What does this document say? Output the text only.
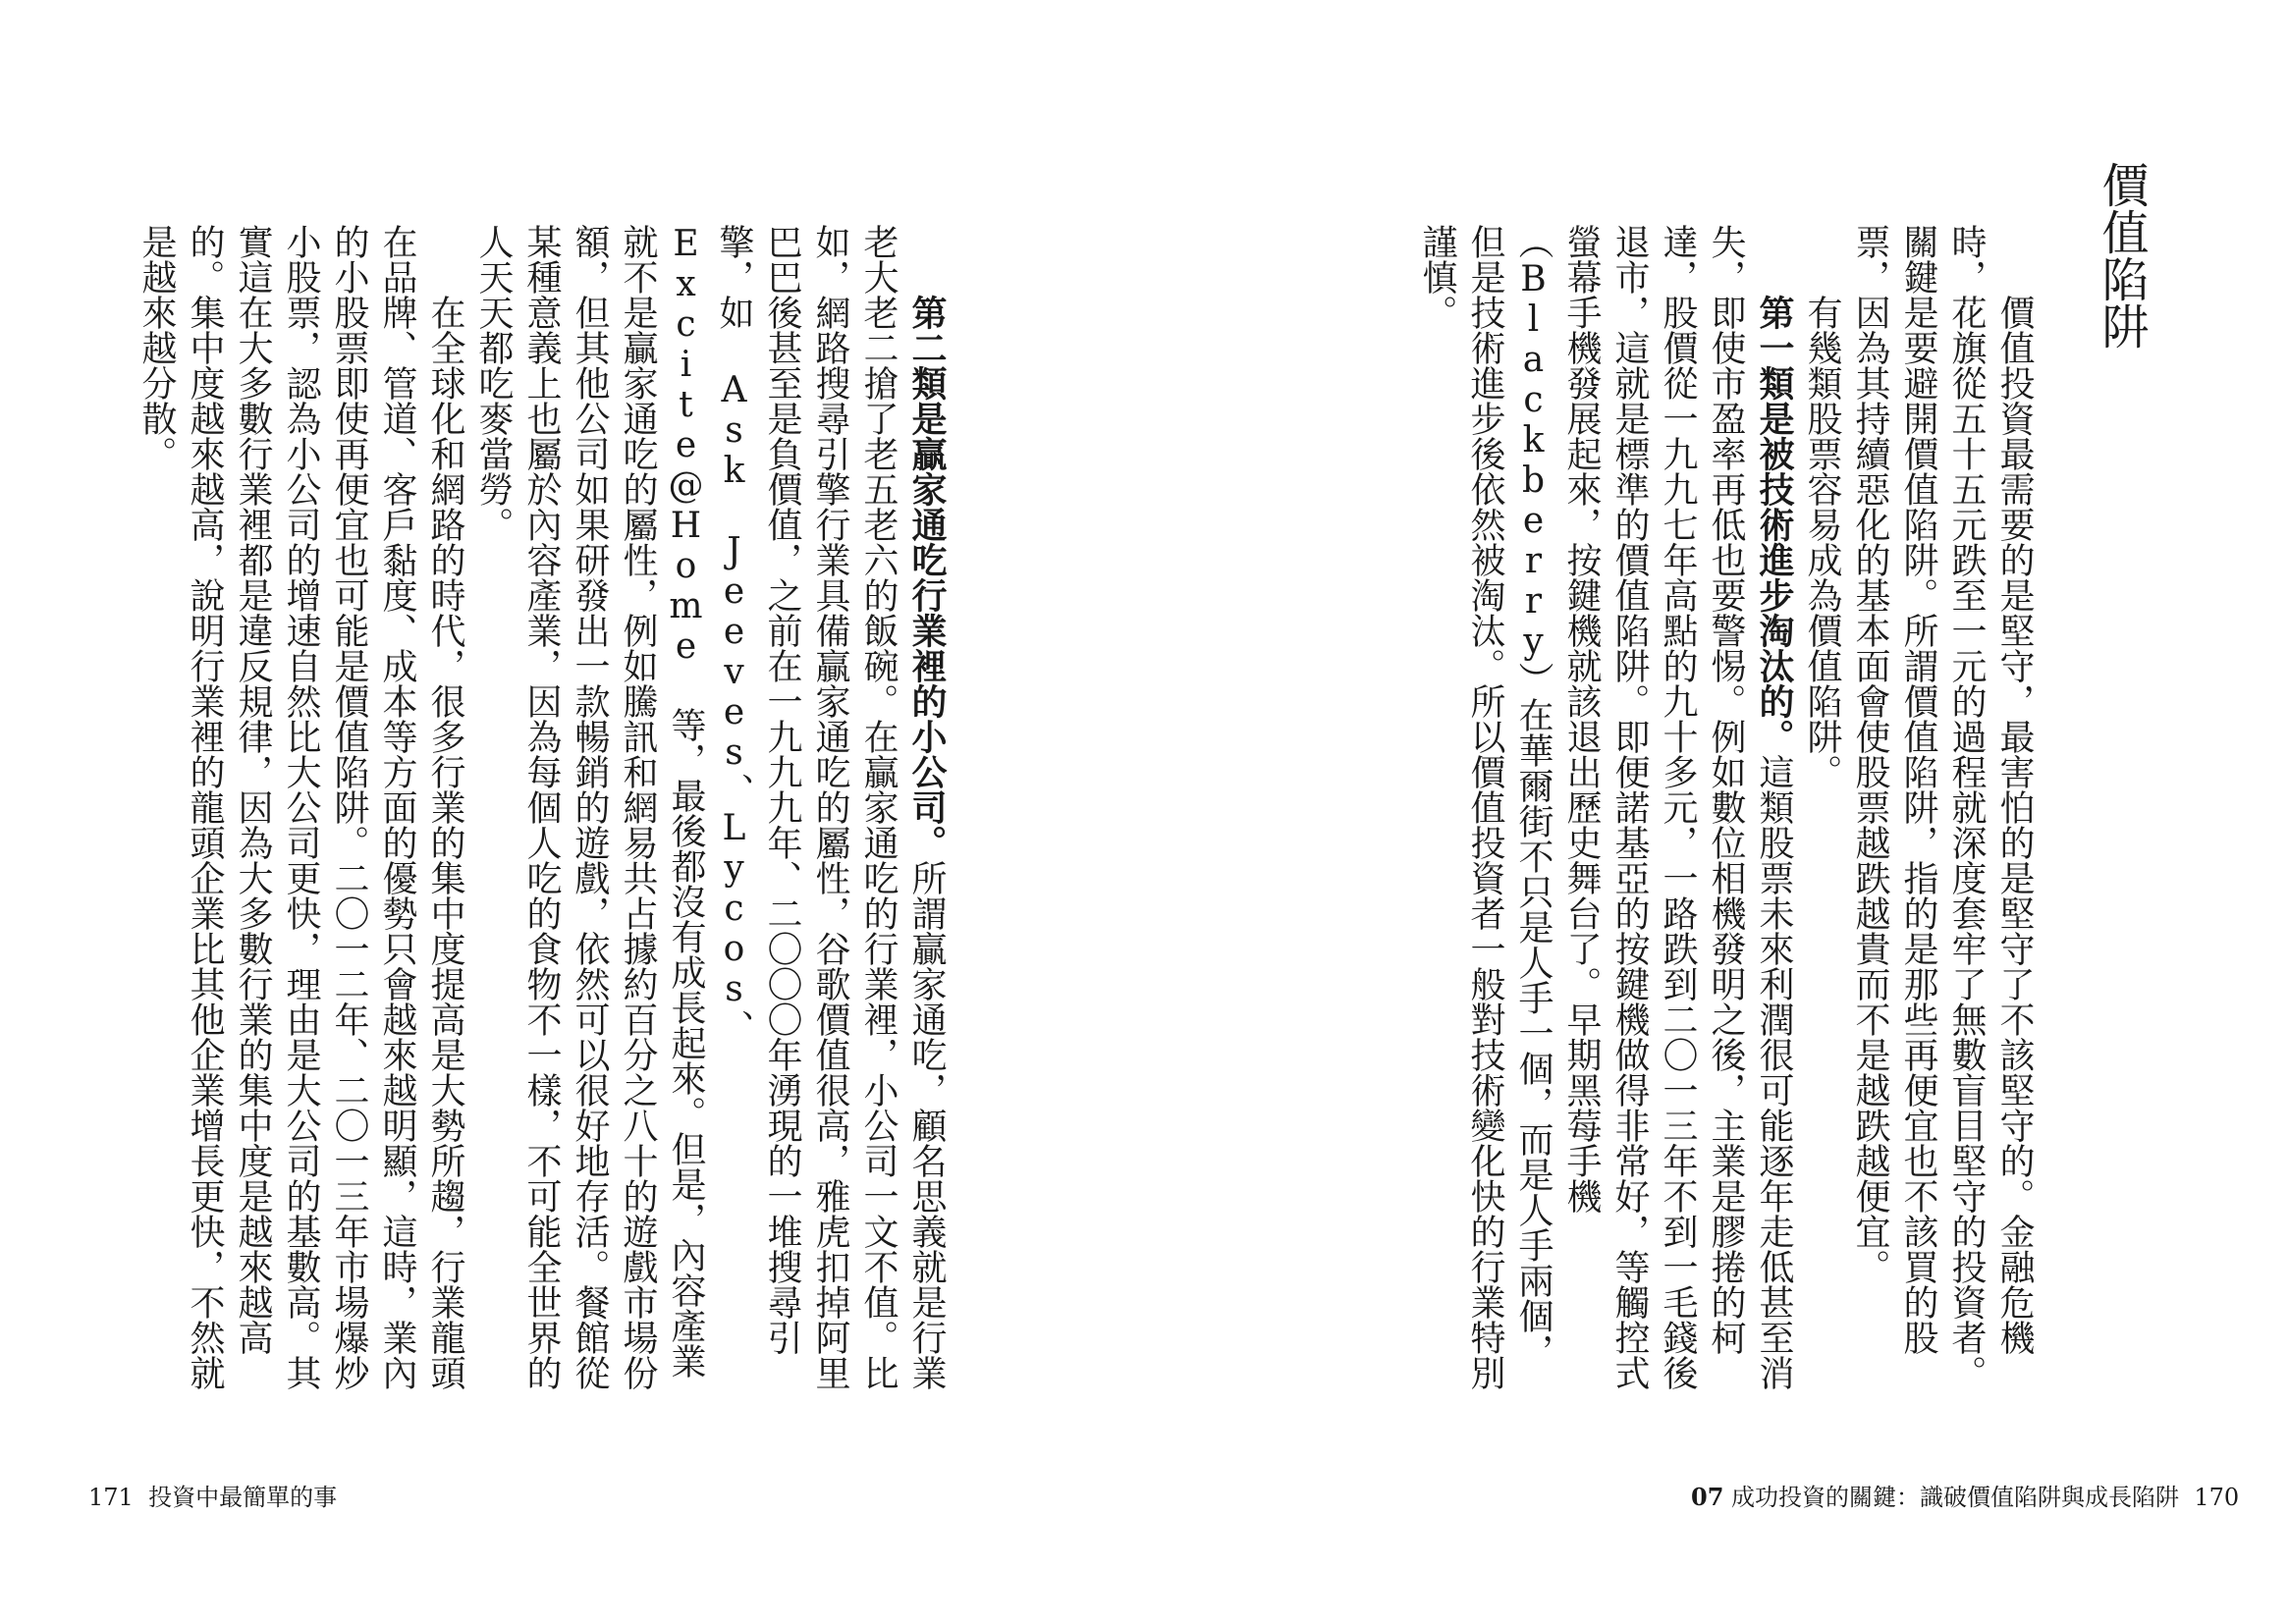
第二類是贏家通吃行業裡的小公司。所謂贏家通吃，顧名思義就是行業老大老二搶了老五老六的飯碗。在贏家通吃的行業裡，小公司一文不值。比如，網路搜尋引擎行業具備贏家通吃的屬性，谷歌價值很高，雅虎扣掉阿里巴巴後甚至是負價值，之前在一九九九年、二〇〇〇年湧現的一堆搜尋引擎，如 Ask Jeeves、Lycos、Excite@Home 等，最後都沒有成長起來。但是，內容產業就不是贏家通吃的屬性，例如騰訊和網易共占據約百分之八十的遊戲市場份額，但其他公司如果研發出一款暢銷的遊戲，依然可以很好地存活。餐館從某種意義上也屬於內容產業，因為每個人吃的食物不一樣，不可能全世界的人天天都吃麥當勞。

在全球化和網路的時代，很多行業的集中度提高是大勢所趨，行業龍頭在品牌、管道、客戶黏度、成本等方面的優勢只會越來越明顯，這時，業內的小股票即使再便宜也可能是價值陷阱。二〇一二年、二〇一三年市場爆炒小股票，認為小公司的增速自然比大公司更快，理由是大公司的基數高。其實這在大多數行業裡都是違反規律，因為大多數行業的集中度是越來越高的。集中度越來越高，說明行業裡的龍頭企業比其他企業增長更快，不然就是越來越分散。

171 投資中最簡單的事
價值陷阱

價值投資最需要的是堅守，最害怕的是堅守了不該堅守的。金融危機時，花旗從五十五元跌至一元的過程就深度套牢了無數盲目堅守的投資者。關鍵是要避開價值陷阱。所謂價值陷阱，指的是那些再便宜也不該買的股票，因為其持續惡化的基本面會使股票越跌越貴而不是越跌越便宜。

有幾類股票容易成為價值陷阱。

第一類是被技術進步淘汰的。這類股票未來利潤很可能逐年走低甚至消失，即使市盈率再低也要警惕。例如數位相機發明之後，主業是膠捲的柯達，股價從一九九七年高點的九十多元，一路跌到二〇一三年不到一毛錢後退市，這就是標準的價值陷阱。即便諾基亞的按鍵機做得非常好，等觸控式螢幕手機發展起來，按鍵機就該退出歷史舞台了。早期黑莓手機（Blackberry）在華爾街不只是人手一個，而是人手兩個，但是技術進步後依然被淘汰。所以價值投資者一般對技術變化快的行業特別謹慎。

07 成功投資的關鍵：識破價值陷阱與成長陷阱 170
